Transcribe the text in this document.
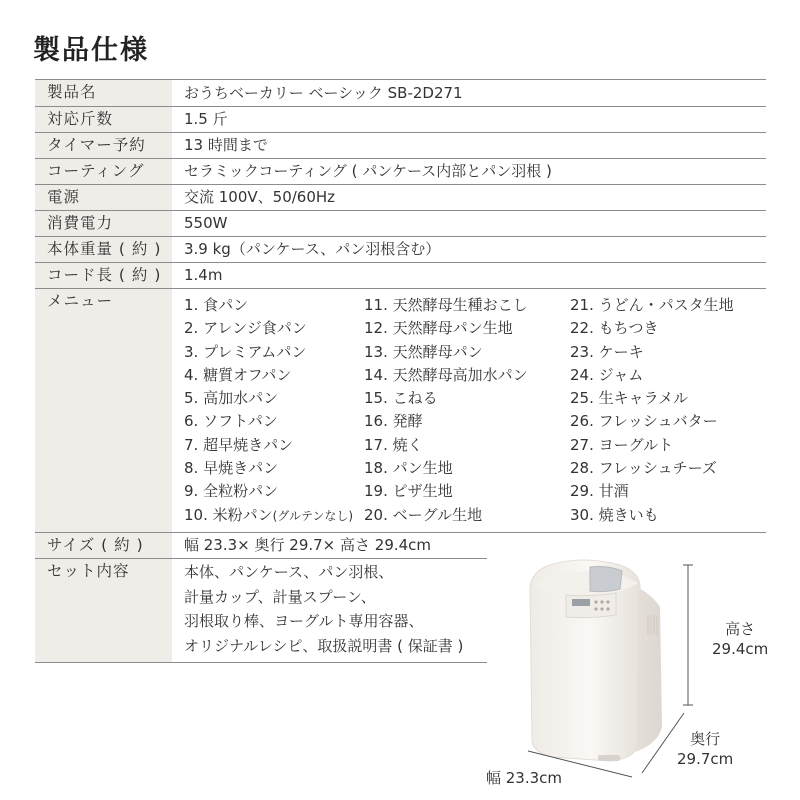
製品仕様
製品名	おうちベーカリー ベーシック SB-2D271
対応斤数	1.5 斤
タイマー予約	13 時間まで
コーティング	セラミックコーティング ( パンケース内部とパン羽根 )
電源	交流 100V、50/60Hz
消費電力	550W
本体重量 ( 約 )	3.9 kg（パンケース、パン羽根含む）
コード長 ( 約 )	1.4m
メニュー	1. 食パン
2. アレンジ食パン
3. プレミアムパン
4. 糖質オフパン
5. 高加水パン
6. ソフトパン
7. 超早焼きパン
8. 早焼きパン
9. 全粒粉パン
10. 米粉パン(グルテンなし)
11. 天然酵母生種おこし
12. 天然酵母パン生地
13. 天然酵母パン
14. 天然酵母高加水パン
15. こねる
16. 発酵
17. 焼く
18. パン生地
19. ピザ生地
20. ベーグル生地
21. うどん・パスタ生地
22. もちつき
23. ケーキ
24. ジャム
25. 生キャラメル
26. フレッシュバター
27. ヨーグルト
28. フレッシュチーズ
29. 甘酒
30. 焼きいも
サイズ ( 約 )	幅 23.3× 奥行 29.7× 高さ 29.4cm
セット内容	本体、パンケース、パン羽根、
計量カップ、計量スプーン、
羽根取り棒、ヨーグルト専用容器、
オリジナルレシピ、取扱説明書 ( 保証書 )
高さ
29.4cm
奥行
29.7cm
幅 23.3cm
